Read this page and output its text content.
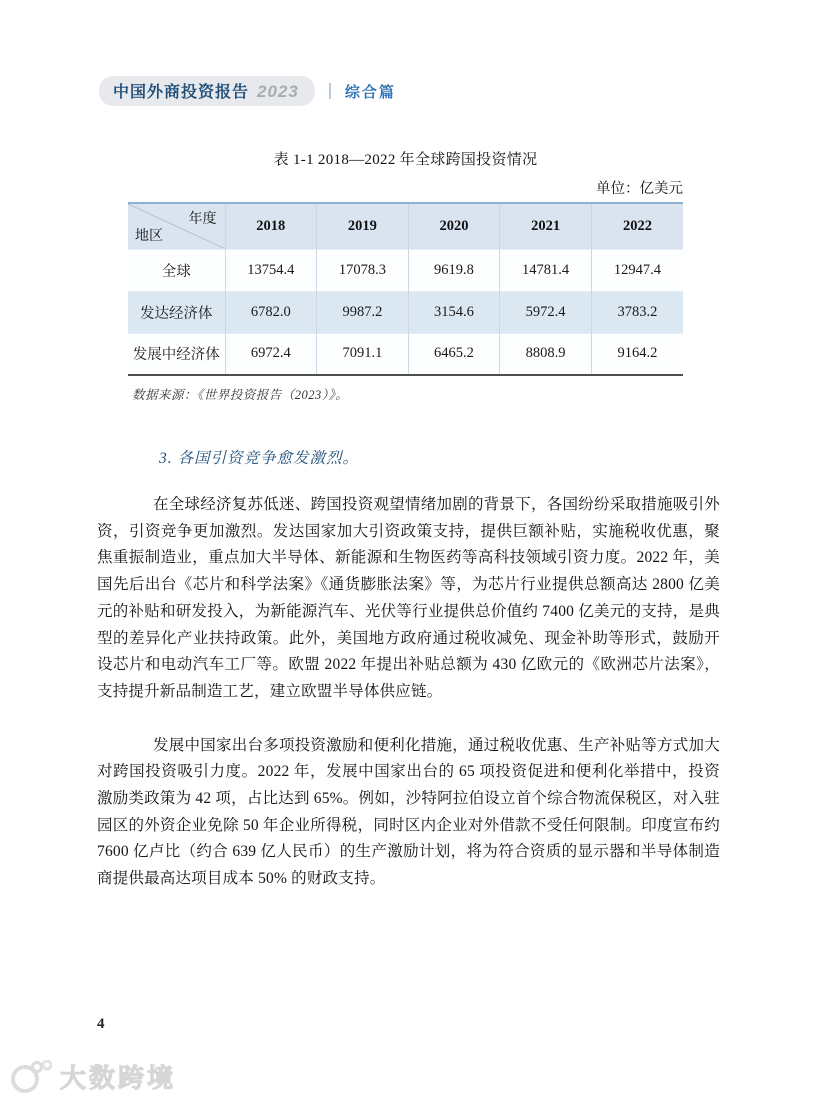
中国外商投资报告 2023	综合篇
表 1-1 2018—2022 年全球跨国投资情况
单位：亿美元
年度
地区	2018	2019	2020	2021	2022
全球	13754.4	17078.3	9619.8	14781.4	12947.4
发达经济体	6782.0	9987.2	3154.6	5972.4	3783.2
发展中经济体	6972.4	7091.1	6465.2	8808.9	9164.2
数据来源：《世界投资报告（2023）》。
3. 各国引资竞争愈发激烈。

在全球经济复苏低迷、跨国投资观望情绪加剧的背景下，各国纷纷采取措施吸引外资，引资竞争更加激烈。发达国家加大引资政策支持，提供巨额补贴，实施税收优惠，聚焦重振制造业，重点加大半导体、新能源和生物医药等高科技领域引资力度。2022 年，美国先后出台《芯片和科学法案》《通货膨胀法案》等，为芯片行业提供总额高达 2800 亿美元的补贴和研发投入，为新能源汽车、光伏等行业提供总价值约 7400 亿美元的支持，是典型的差异化产业扶持政策。此外，美国地方政府通过税收减免、现金补助等形式，鼓励开设芯片和电动汽车工厂等。欧盟 2022 年提出补贴总额为 430 亿欧元的《欧洲芯片法案》，支持提升新品制造工艺，建立欧盟半导体供应链。

发展中国家出台多项投资激励和便利化措施，通过税收优惠、生产补贴等方式加大对跨国投资吸引力度。2022 年，发展中国家出台的 65 项投资促进和便利化举措中，投资激励类政策为 42 项，占比达到 65%。例如，沙特阿拉伯设立首个综合物流保税区，对入驻园区的外资企业免除 50 年企业所得税，同时区内企业对外借款不受任何限制。印度宣布约 7600 亿卢比（约合 639 亿人民币）的生产激励计划，将为符合资质的显示器和半导体制造商提供最高达项目成本 50% 的财政支持。

4
大数跨境
